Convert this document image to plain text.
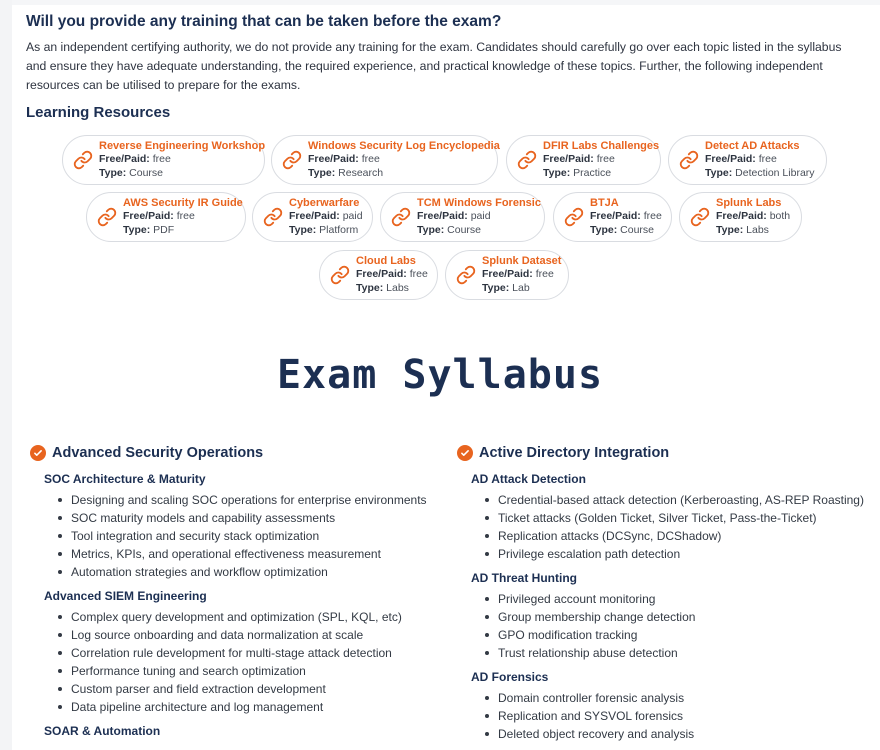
Will you provide any training that can be taken before the exam?

As an independent certifying authority, we do not provide any training for the exam. Candidates should carefully go over each topic listed in the syllabus and ensure they have adequate understanding, the required experience, and practical knowledge of these topics. Further, the following independent resources can be utilised to prepare for the exams.

Learning Resources
Reverse Engineering Workshop
Free/Paid: free
Type: Course
Windows Security Log Encyclopedia
Free/Paid: free
Type: Research
DFIR Labs Challenges
Free/Paid: free
Type: Practice
Detect AD Attacks
Free/Paid: free
Type: Detection Library
AWS Security IR Guide
Free/Paid: free
Type: PDF
Cyberwarfare
Free/Paid: paid
Type: Platform
TCM Windows Forensic
Free/Paid: paid
Type: Course
BTJA
Free/Paid: free
Type: Course
Splunk Labs
Free/Paid: both
Type: Labs
Cloud Labs
Free/Paid: free
Type: Labs
Splunk Dataset
Free/Paid: free
Type: Lab
Exam Syllabus
Advanced Security Operations
SOC Architecture & Maturity
Designing and scaling SOC operations for enterprise environments
SOC maturity models and capability assessments
Tool integration and security stack optimization
Metrics, KPIs, and operational effectiveness measurement
Automation strategies and workflow optimization
Advanced SIEM Engineering
Complex query development and optimization (SPL, KQL, etc)
Log source onboarding and data normalization at scale
Correlation rule development for multi-stage attack detection
Performance tuning and search optimization
Custom parser and field extraction development
Data pipeline architecture and log management
SOAR & Automation
Active Directory Integration
AD Attack Detection
Credential-based attack detection (Kerberoasting, AS-REP Roasting)
Ticket attacks (Golden Ticket, Silver Ticket, Pass-the-Ticket)
Replication attacks (DCSync, DCShadow)
Privilege escalation path detection
AD Threat Hunting
Privileged account monitoring
Group membership change detection
GPO modification tracking
Trust relationship abuse detection
AD Forensics
Domain controller forensic analysis
Replication and SYSVOL forensics
Deleted object recovery and analysis
